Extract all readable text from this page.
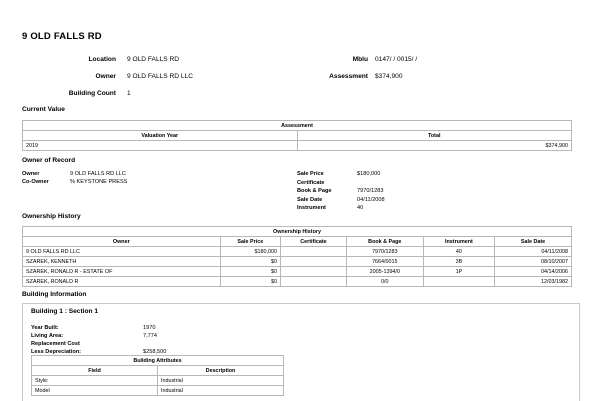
9 OLD FALLS RD
Location 9 OLD FALLS RD	Mblu 0147/ / 0015/ /
Owner 9 OLD FALLS RD LLC	Assessment $374,900
Building Count 1
Current Value
Assessment	
Valuation Year	Total
2019	$374,900
Owner of Record
Owner	9 OLD FALLS RD LLC
Co-Owner	% KEYSTONE PRESS
Sale Price	$180,000
Certificate
Book & Page	7970/1283
Sale Date	04/11/2008
Instrument	40
Ownership History
Ownership History					
Owner	Sale Price	Certificate	Book & Page	Instrument	Sale Date
9 OLD FALLS RD LLC	$180,000		7970/1283	40	04/11/2008
SZAREK, KENNETH	$0		7664/0015	3B	08/10/2007
SZAREK, RONALD R - ESTATE OF	$0		2005-1394/0	1P	04/14/2006
SZAREK, RONALD R	$0		0/0		12/03/1982
Building Information
Building 1 : Section 1
Year Built:	1970
Living Area:	7,774
Replacement Cost
Less Depreciation:	$258,500
Building Attributes	
Field	Description
Style:	Industrial
Model	Industrial
